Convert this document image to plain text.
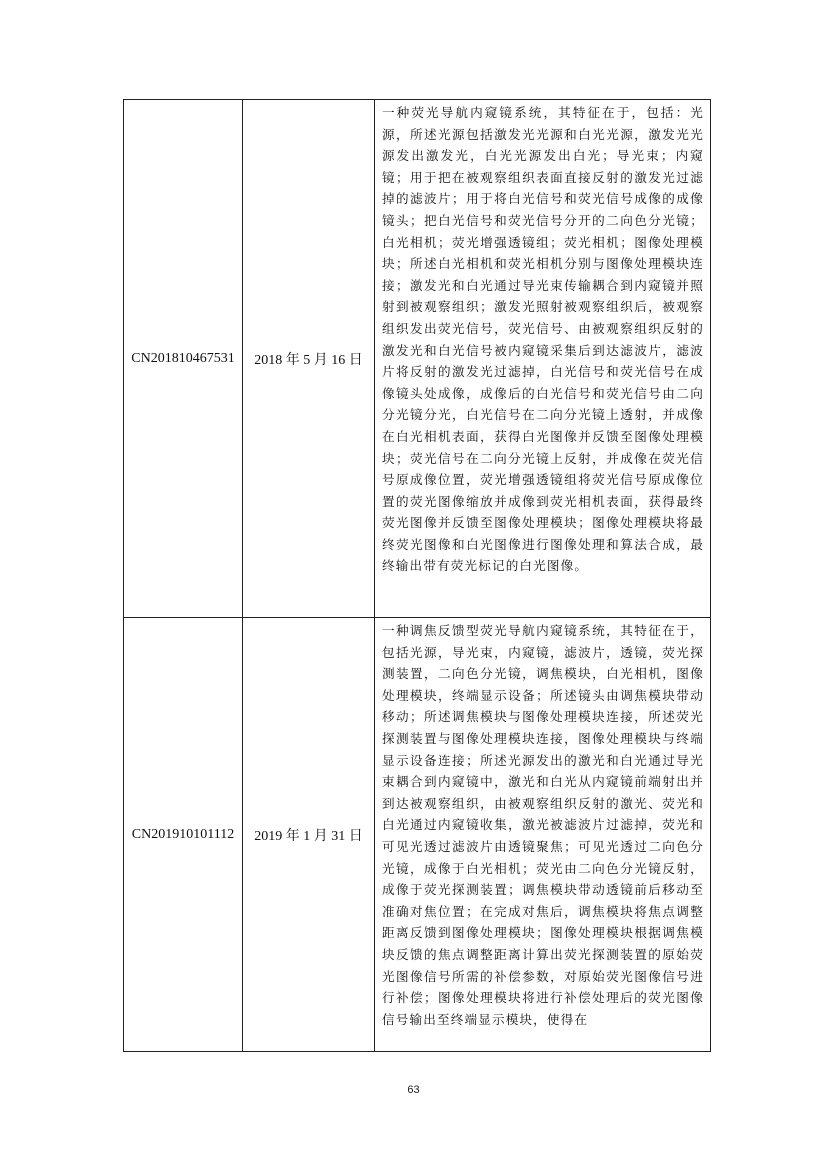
CN201810467531	2018 年 5 月 16 日	一种荧光导航内窥镜系统，其特征在于，包括：光源，所述光源包括激发光光源和白光光源，激发光光源发出激发光，白光光源发出白光；导光束；内窥镜；用于把在被观察组织表面直接反射的激发光过滤掉的滤波片；用于将白光信号和荧光信号成像的成像镜头；把白光信号和荧光信号分开的二向色分光镜；白光相机；荧光增强透镜组；荧光相机；图像处理模块；所述白光相机和荧光相机分别与图像处理模块连接；激发光和白光通过导光束传输耦合到内窥镜并照射到被观察组织；激发光照射被观察组织后，被观察组织发出荧光信号，荧光信号、由被观察组织反射的激发光和白光信号被内窥镜采集后到达滤波片，滤波片将反射的激发光过滤掉，白光信号和荧光信号在成像镜头处成像，成像后的白光信号和荧光信号由二向分光镜分光，白光信号在二向分光镜上透射，并成像在白光相机表面，获得白光图像并反馈至图像处理模块；荧光信号在二向分光镜上反射，并成像在荧光信号原成像位置，荧光增强透镜组将荧光信号原成像位置的荧光图像缩放并成像到荧光相机表面，获得最终荧光图像并反馈至图像处理模块；图像处理模块将最终荧光图像和白光图像进行图像处理和算法合成，最终输出带有荧光标记的白光图像。

CN201910101112	2019 年 1 月 31 日	一种调焦反馈型荧光导航内窥镜系统，其特征在于，包括光源，导光束，内窥镜，滤波片，透镜，荧光探测装置，二向色分光镜，调焦模块，白光相机，图像处理模块，终端显示设备；所述镜头由调焦模块带动移动；所述调焦模块与图像处理模块连接，所述荧光探测装置与图像处理模块连接，图像处理模块与终端显示设备连接；所述光源发出的激光和白光通过导光束耦合到内窥镜中，激光和白光从内窥镜前端射出并到达被观察组织，由被观察组织反射的激光、荧光和白光通过内窥镜收集，激光被滤波片过滤掉，荧光和可见光透过滤波片由透镜聚焦；可见光透过二向色分光镜，成像于白光相机；荧光由二向色分光镜反射，成像于荧光探测装置；调焦模块带动透镜前后移动至准确对焦位置；在完成对焦后，调焦模块将焦点调整距离反馈到图像处理模块；图像处理模块根据调焦模块反馈的焦点调整距离计算出荧光探测装置的原始荧光图像信号所需的补偿参数，对原始荧光图像信号进行补偿；图像处理模块将进行补偿处理后的荧光图像信号输出至终端显示模块，使得在
63
